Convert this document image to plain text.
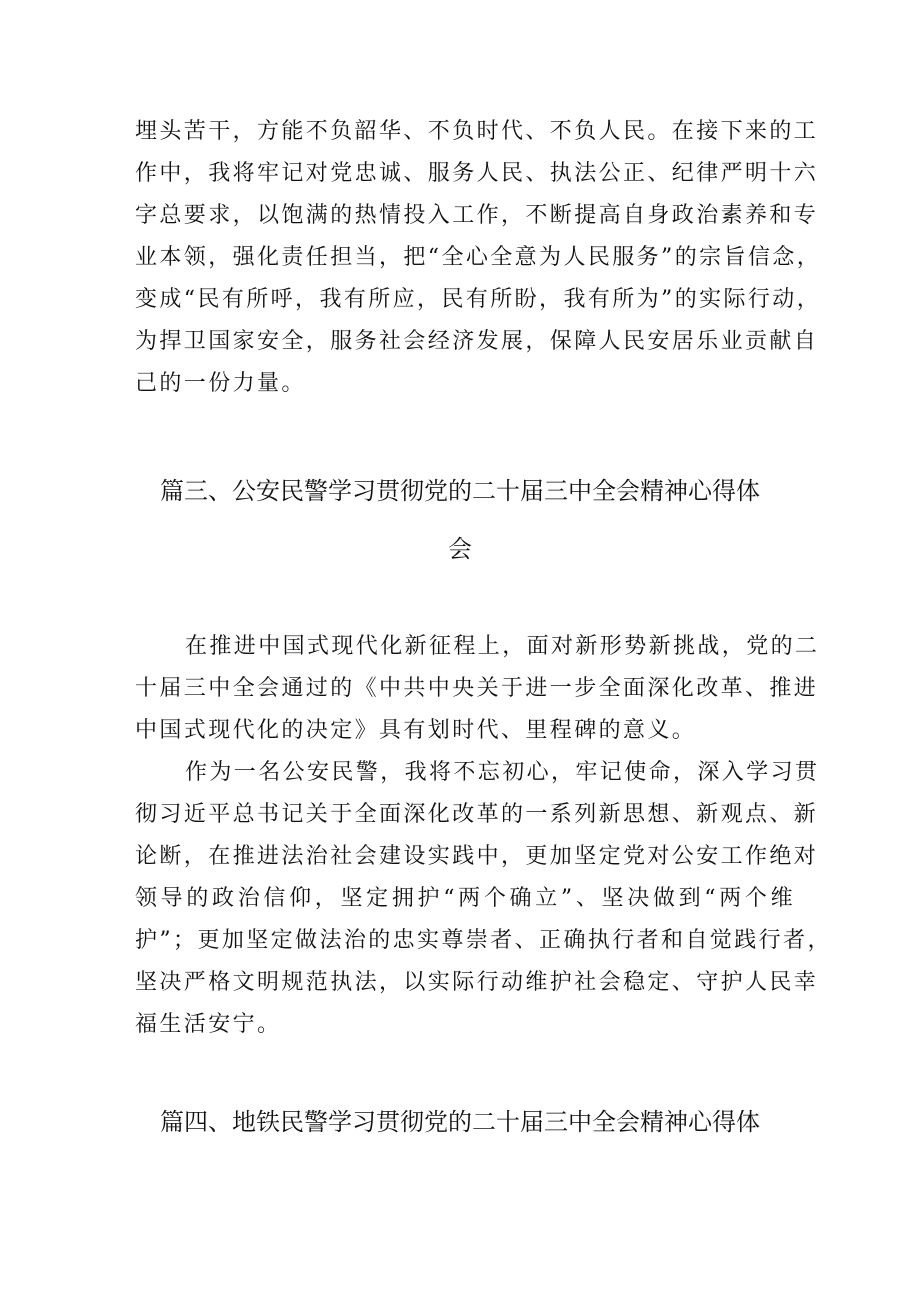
埋头苦干，方能不负韶华、不负时代、不负人民。在接下来的工
作中，我将牢记对党忠诚、服务人民、执法公正、纪律严明十六
字总要求，以饱满的热情投入工作，不断提高自身政治素养和专
业本领，强化责任担当，把“全心全意为人民服务”的宗旨信念，
变成“民有所呼，我有所应，民有所盼，我有所为”的实际行动，
为捍卫国家安全，服务社会经济发展，保障人民安居乐业贡献自
己的一份力量。
篇三、公安民警学习贯彻党的二十届三中全会精神心得体
会
在推进中国式现代化新征程上，面对新形势新挑战，党的二
十届三中全会通过的《中共中央关于进一步全面深化改革、推进
中国式现代化的决定》具有划时代、里程碑的意义。
作为一名公安民警，我将不忘初心，牢记使命，深入学习贯
彻习近平总书记关于全面深化改革的一系列新思想、新观点、新
论断，在推进法治社会建设实践中，更加坚定党对公安工作绝对
领导的政治信仰，坚定拥护“两个确立”、坚决做到“两个维
护”；更加坚定做法治的忠实尊崇者、正确执行者和自觉践行者，
坚决严格文明规范执法，以实际行动维护社会稳定、守护人民幸
福生活安宁。
篇四、地铁民警学习贯彻党的二十届三中全会精神心得体
